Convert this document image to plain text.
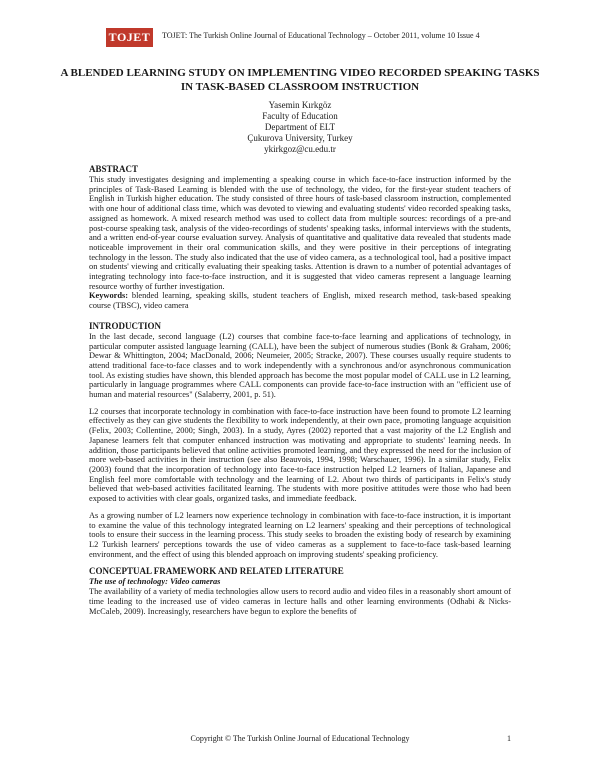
TOJET	TOJET: The Turkish Online Journal of Educational Technology – October 2011, volume 10 Issue 4
A BLENDED LEARNING STUDY ON IMPLEMENTING VIDEO RECORDED SPEAKING TASKS IN TASK-BASED CLASSROOM INSTRUCTION
Yasemin Kırkgöz
Faculty of Education
Department of ELT
Çukurova University, Turkey
ykirkgoz@cu.edu.tr
ABSTRACT

This study investigates designing and implementing a speaking course in which face-to-face instruction informed by the principles of Task-Based Learning is blended with the use of technology, the video, for the first-year student teachers of English in Turkish higher education. The study consisted of three hours of task-based classroom instruction, complemented with one hour of additional class time, which was devoted to viewing and evaluating students' video recorded speaking tasks, assigned as homework. A mixed research method was used to collect data from multiple sources: recordings of a pre-and post-course speaking task, analysis of the video-recordings of students' speaking tasks, informal interviews with the students, and a written end-of-year course evaluation survey. Analysis of quantitative and qualitative data revealed that students made noticeable improvement in their oral communication skills, and they were positive in their perceptions of integrating technology in the lesson. The study also indicated that the use of video camera, as a technological tool, had a positive impact on students' viewing and critically evaluating their speaking tasks. Attention is drawn to a number of potential advantages of integrating technology into face-to-face instruction, and it is suggested that video cameras represent a language learning resource worthy of further investigation.

Keywords: blended learning, speaking skills, student teachers of English, mixed research method, task-based speaking course (TBSC), video camera

INTRODUCTION

In the last decade, second language (L2) courses that combine face-to-face learning and applications of technology, in particular computer assisted language learning (CALL), have been the subject of numerous studies (Bonk & Graham, 2006; Dewar & Whittington, 2004; MacDonald, 2006; Neumeier, 2005; Stracke, 2007). These courses usually require students to attend traditional face-to-face classes and to work independently with a synchronous and/or asynchronous communication tool. As existing studies have shown, this blended approach has become the most popular model of CALL use in L2 learning, particularly in language programmes where CALL components can provide face-to-face instruction with an "efficient use of human and material resources" (Salaberry, 2001, p. 51).

L2 courses that incorporate technology in combination with face-to-face instruction have been found to promote L2 learning effectively as they can give students the flexibility to work independently, at their own pace, promoting language acquisition (Felix, 2003; Collentine, 2000; Singh, 2003). In a study, Ayres (2002) reported that a vast majority of the L2 English and Japanese learners felt that computer enhanced instruction was motivating and appropriate to students' learning needs. In addition, those participants believed that online activities promoted learning, and they expressed the need for the inclusion of more web-based activities in their instruction (see also Beauvois, 1994, 1998; Warschauer, 1996). In a similar study, Felix (2003) found that the incorporation of technology into face-to-face instruction helped L2 learners of Italian, Japanese and English feel more comfortable with technology and the learning of L2. About two thirds of participants in Felix's study believed that web-based activities facilitated learning. The students with more positive attitudes were those who had been exposed to activities with clear goals, organized tasks, and immediate feedback.

As a growing number of L2 learners now experience technology in combination with face-to-face instruction, it is important to examine the value of this technology integrated learning on L2 learners' speaking and their perceptions of technological tools to ensure their success in the learning process. This study seeks to broaden the existing body of research by examining L2 Turkish learners' perceptions towards the use of video cameras as a supplement to face-to-face task-based learning environment, and the effect of using this blended approach on improving students' speaking proficiency.

CONCEPTUAL FRAMEWORK AND RELATED LITERATURE
The use of technology: Video cameras

The availability of a variety of media technologies allow users to record audio and video files in a reasonably short amount of time leading to the increased use of video cameras in lecture halls and other learning environments (Odhabi & Nicks-McCaleb, 2009). Increasingly, researchers have begun to explore the benefits of

Copyright © The Turkish Online Journal of Educational Technology	1
